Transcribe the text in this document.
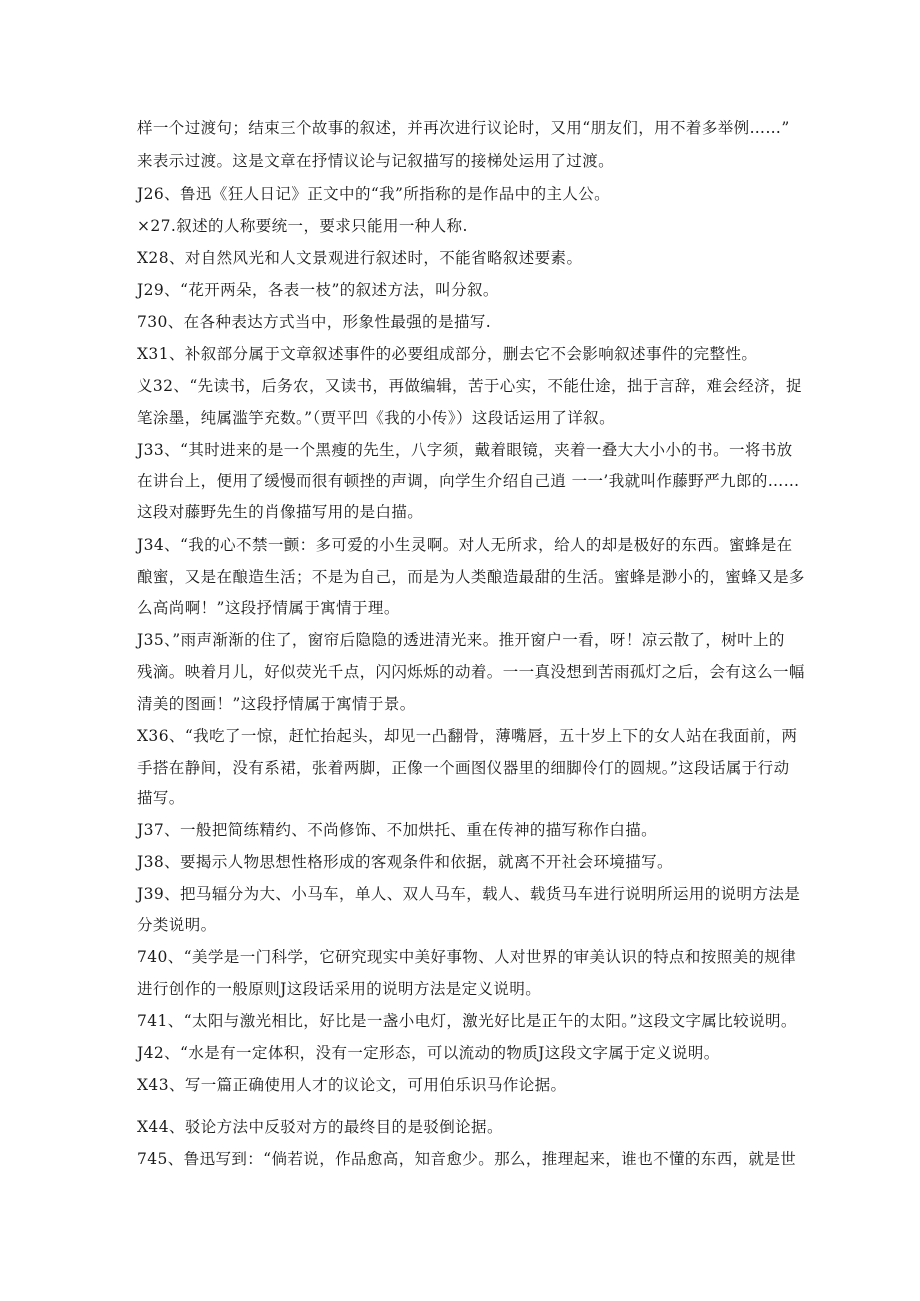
样一个过渡句；结束三个故事的叙述，并再次进行议论时，又用“朋友们，用不着多举例……”
来表示过渡。这是文章在抒情议论与记叙描写的接梯处运用了过渡。
J26、鲁迅《狂人日记》正文中的“我”所指称的是作品中的主人公。
×27.叙述的人称要统一，要求只能用一种人称.
X28、对自然风光和人文景观进行叙述时，不能省略叙述要素。
J29、“花开两朵，各表一枝”的叙述方法，叫分叙。
730、在各种表达方式当中，形象性最强的是描写.
X31、补叙部分属于文章叙述事件的必要组成部分，删去它不会影响叙述事件的完整性。
义32、“先读书，后务农，又读书，再做编辑，苦于心实，不能仕途，拙于言辞，难会经济，捉
笔涂墨，纯属滥竽充数。”（贾平凹《我的小传》）这段话运用了详叙。
J33、“其时进来的是一个黑瘦的先生，八字须，戴着眼镜，夹着一叠大大小小的书。一将书放
在讲台上，便用了缓慢而很有顿挫的声调，向学生介绍自己逍 一一’我就叫作藤野严九郎的……
这段对藤野先生的肖像描写用的是白描。
J34、“我的心不禁一颤：多可爱的小生灵啊。对人无所求，给人的却是极好的东西。蜜蜂是在
酿蜜，又是在酿造生活；不是为自己，而是为人类酿造最甜的生活。蜜蜂是渺小的，蜜蜂又是多
么高尚啊！”这段抒情属于寓情于理。
J35、”雨声渐渐的住了，窗帘后隐隐的透进清光来。推开窗户一看，呀！凉云散了，树叶上的
残滴。映着月儿，好似荧光千点，闪闪烁烁的动着。一一真没想到苦雨孤灯之后，会有这么一幅
清美的图画！”这段抒情属于寓情于景。
X36、“我吃了一惊，赶忙抬起头，却见一凸翻骨，薄嘴唇，五十岁上下的女人站在我面前，两
手搭在静间，没有系裙，张着两脚，正像一个画图仪器里的细脚伶仃的圆规。”这段话属于行动
描写。
J37、一般把简练精约、不尚修饰、不加烘托、重在传神的描写称作白描。
J38、要揭示人物思想性格形成的客观条件和依据，就离不开社会环境描写。
J39、把马辐分为大、小马车，单人、双人马车，载人、载货马车进行说明所运用的说明方法是
分类说明。
740、“美学是一门科学，它研究现实中美好事物、人对世界的审美认识的特点和按照美的规律
进行创作的一般原则J这段话采用的说明方法是定义说明。
741、“太阳与激光相比，好比是一盏小电灯，激光好比是正午的太阳。”这段文字属比较说明。
J42、“水是有一定体积，没有一定形态，可以流动的物质J这段文字属于定义说明。
X43、写一篇正确使用人才的议论文，可用伯乐识马作论据。
X44、驳论方法中反驳对方的最终目的是驳倒论据。
745、鲁迅写到：“倘若说，作品愈高，知音愈少。那么，推理起来，谁也不懂的东西，就是世
